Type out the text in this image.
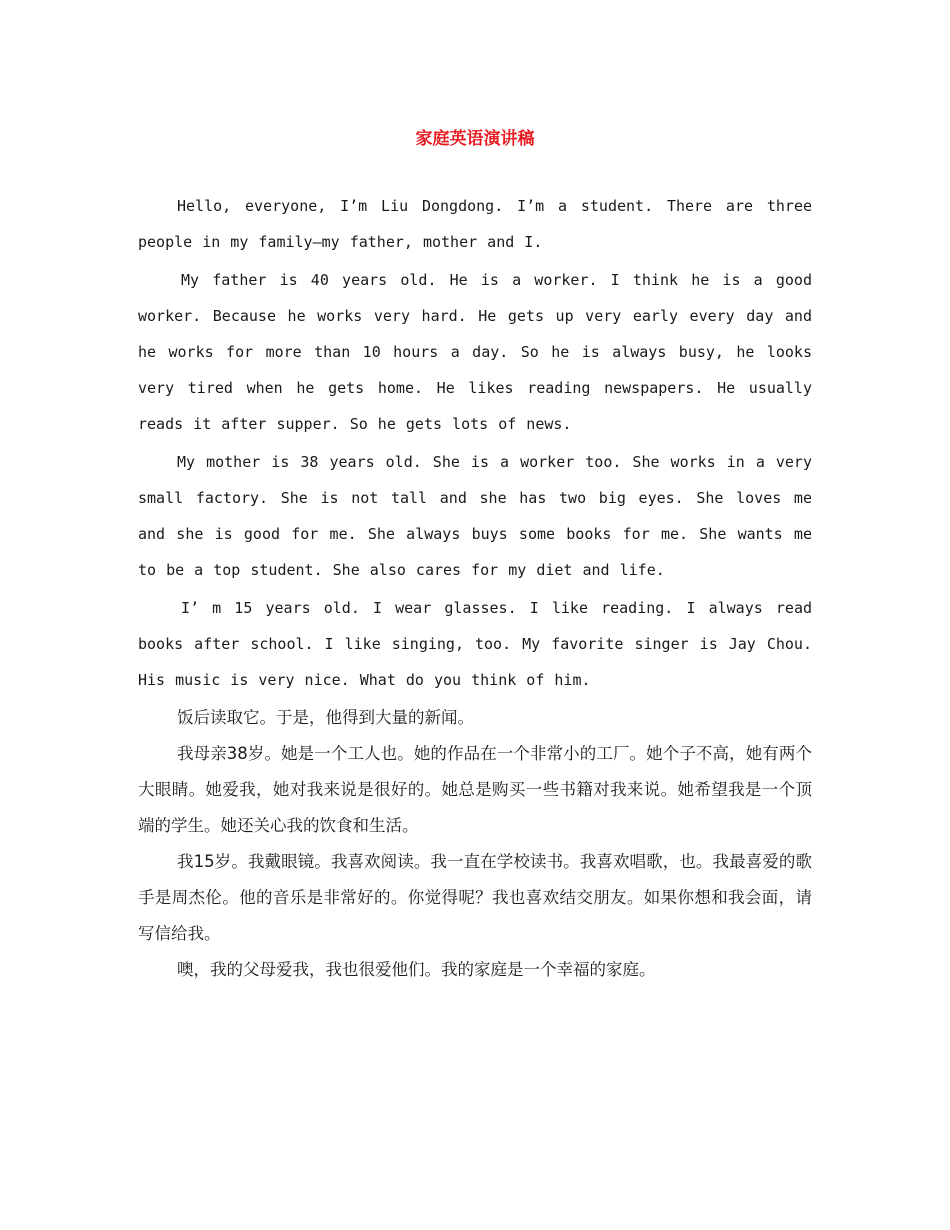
家庭英语演讲稿

Hello, everyone, I’m Liu Dongdong. I’m a student. There are three people in my family—my father, mother and I.

My father is 40 years old. He is a worker. I think he is a good worker. Because he works very hard. He gets up very early every day and he works for more than 10 hours a day. So he is always busy, he looks very tired when he gets home. He likes reading newspapers. He usually reads it after supper. So he gets lots of news.

My mother is 38 years old. She is a worker too. She works in a very small factory. She is not tall and she has two big eyes. She loves me and she is good for me. She always buys some books for me. She wants me to be a top student. She also cares for my diet and life.

I’ m 15 years old. I wear glasses. I like reading. I always read books after school. I like singing, too. My favorite singer is Jay Chou. His music is very nice. What do you think of him.

饭后读取它。于是，他得到大量的新闻。

我母亲38岁。她是一个工人也。她的作品在一个非常小的工厂。她个子不高，她有两个大眼睛。她爱我，她对我来说是很好的。她总是购买一些书籍对我来说。她希望我是一个顶端的学生。她还关心我的饮食和生活。

我15岁。我戴眼镜。我喜欢阅读。我一直在学校读书。我喜欢唱歌，也。我最喜爱的歌手是周杰伦。他的音乐是非常好的。你觉得呢？我也喜欢结交朋友。如果你想和我会面，请写信给我。

噢，我的父母爱我，我也很爱他们。我的家庭是一个幸福的家庭。
